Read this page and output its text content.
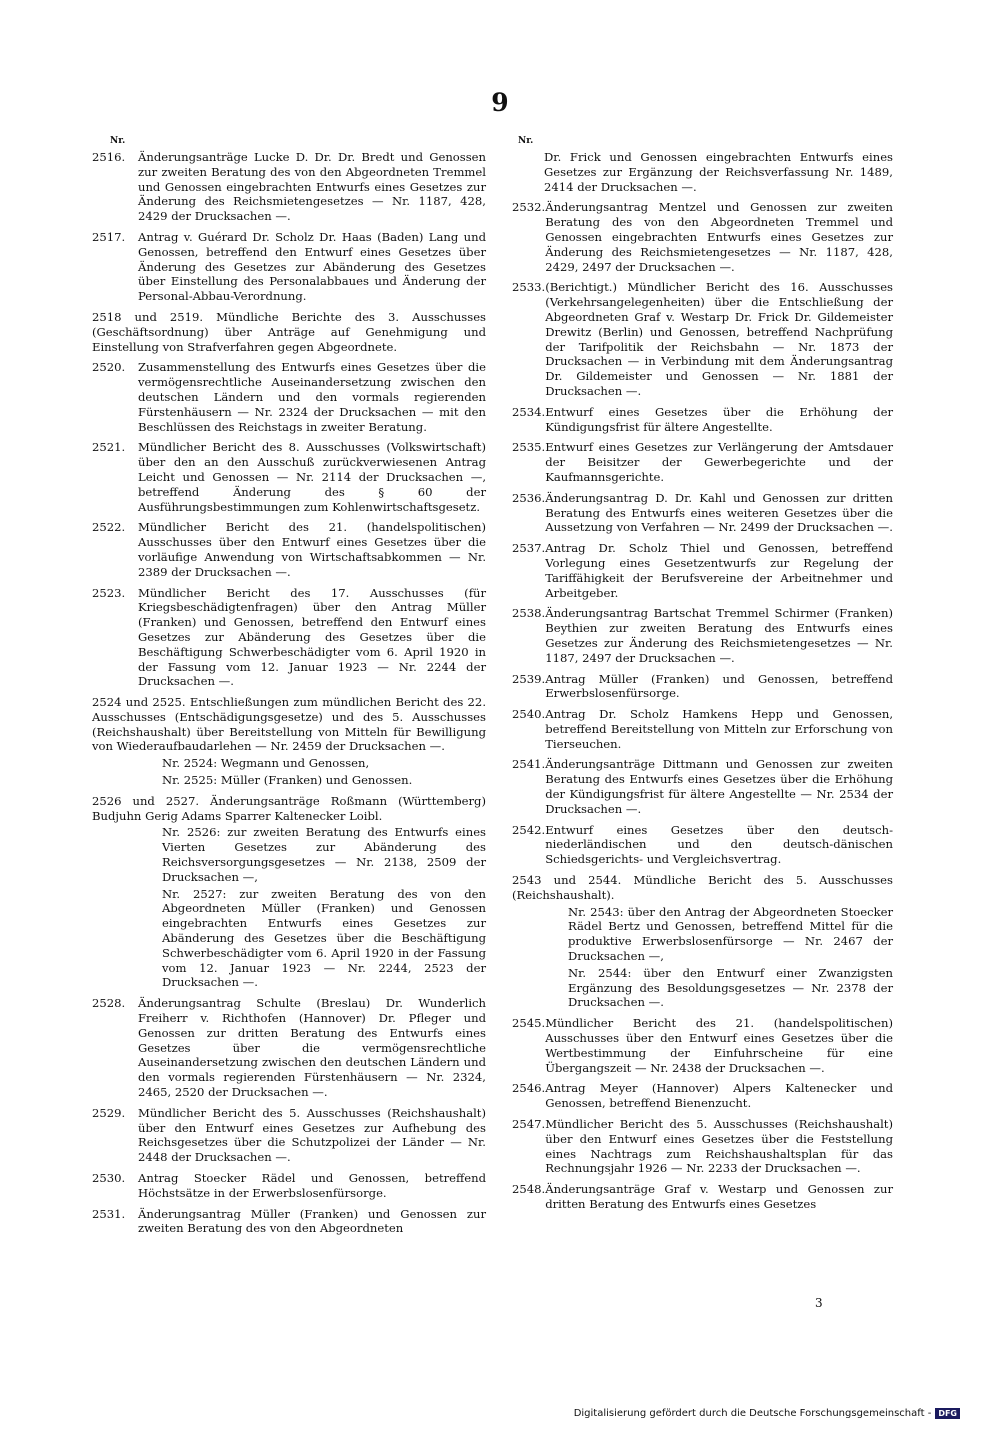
9
Nr.	Nr.
2516.	Änderungsanträge Lucke D. Dr. Dr. Bredt und Genossen zur zweiten Beratung des von den Abgeordneten Tremmel und Genossen eingebrachten Entwurfs eines Gesetzes zur Änderung des Reichsmietengesetzes — Nr. 1187, 428, 2429 der Drucksachen —.
2517.	Antrag v. Guérard Dr. Scholz Dr. Haas (Baden) Lang und Genossen, betreffend den Entwurf eines Gesetzes über Änderung des Gesetzes zur Abänderung des Gesetzes über Einstellung des Personalabbaues und Änderung der Personal-Abbau-Verordnung.
2518 und 2519. Mündliche Berichte des 3. Ausschusses (Geschäftsordnung) über Anträge auf Genehmigung und Einstellung von Strafverfahren gegen Abgeordnete.
2520.	Zusammenstellung des Entwurfs eines Gesetzes über die vermögensrechtliche Auseinandersetzung zwischen den deutschen Ländern und den vormals regierenden Fürstenhäusern — Nr. 2324 der Drucksachen — mit den Beschlüssen des Reichstags in zweiter Beratung.
2521.	Mündlicher Bericht des 8. Ausschusses (Volkswirtschaft) über den an den Ausschuß zurückverwiesenen Antrag Leicht und Genossen — Nr. 2114 der Drucksachen —, betreffend Änderung des § 60 der Ausführungsbestimmungen zum Kohlenwirtschaftsgesetz.
2522.	Mündlicher Bericht des 21. (handelspolitischen) Ausschusses über den Entwurf eines Gesetzes über die vorläufige Anwendung von Wirtschaftsabkommen — Nr. 2389 der Drucksachen —.
2523.	Mündlicher Bericht des 17. Ausschusses (für Kriegsbeschädigtenfragen) über den Antrag Müller (Franken) und Genossen, betreffend den Entwurf eines Gesetzes zur Abänderung des Gesetzes über die Beschäftigung Schwerbeschädigter vom 6. April 1920 in der Fassung vom 12. Januar 1923 — Nr. 2244 der Drucksachen —.
2524 und 2525. Entschließungen zum mündlichen Bericht des 22. Ausschusses (Entschädigungsgesetze) und des 5. Ausschusses (Reichshaushalt) über Bereitstellung von Mitteln für Bewilligung von Wiederaufbaudarlehen — Nr. 2459 der Drucksachen —.
Nr. 2524: Wegmann und Genossen,
Nr. 2525: Müller (Franken) und Genossen.
2526 und 2527. Änderungsanträge Roßmann (Württemberg) Budjuhn Gerig Adams Sparrer Kaltenecker Loibl.
Nr. 2526: zur zweiten Beratung des Entwurfs eines Vierten Gesetzes zur Abänderung des Reichsversorgungsgesetzes — Nr. 2138, 2509 der Drucksachen —,
Nr. 2527: zur zweiten Beratung des von den Abgeordneten Müller (Franken) und Genossen eingebrachten Entwurfs eines Gesetzes zur Abänderung des Gesetzes über die Beschäftigung Schwerbeschädigter vom 6. April 1920 in der Fassung vom 12. Januar 1923 — Nr. 2244, 2523 der Drucksachen —.
2528.	Änderungsantrag Schulte (Breslau) Dr. Wunderlich Freiherr v. Richthofen (Hannover) Dr. Pfleger und Genossen zur dritten Beratung des Entwurfs eines Gesetzes über die vermögensrechtliche Auseinandersetzung zwischen den deutschen Ländern und den vormals regierenden Fürstenhäusern — Nr. 2324, 2465, 2520 der Drucksachen —.
2529.	Mündlicher Bericht des 5. Ausschusses (Reichshaushalt) über den Entwurf eines Gesetzes zur Aufhebung des Reichsgesetzes über die Schutzpolizei der Länder — Nr. 2448 der Drucksachen —.
2530.	Antrag Stoecker Rädel und Genossen, betreffend Höchstsätze in der Erwerbslosenfürsorge.
2531.	Änderungsantrag Müller (Franken) und Genossen zur zweiten Beratung des von den Abgeordneten
Dr. Frick und Genossen eingebrachten Entwurfs eines Gesetzes zur Ergänzung der Reichsverfassung Nr. 1489, 2414 der Drucksachen —.
2532. Änderungsantrag Mentzel und Genossen zur zweiten Beratung des von den Abgeordneten Tremmel und Genossen eingebrachten Entwurfs eines Gesetzes zur Änderung des Reichsmietengesetzes — Nr. 1187, 428, 2429, 2497 der Drucksachen —.
2533. (Berichtigt.) Mündlicher Bericht des 16. Ausschusses (Verkehrsangelegenheiten) über die Entschließung der Abgeordneten Graf v. Westarp Dr. Frick Dr. Gildemeister Drewitz (Berlin) und Genossen, betreffend Nachprüfung der Tarifpolitik der Reichsbahn — Nr. 1873 der Drucksachen — in Verbindung mit dem Änderungsantrag Dr. Gildemeister und Genossen — Nr. 1881 der Drucksachen —.
2534. Entwurf eines Gesetzes über die Erhöhung der Kündigungsfrist für ältere Angestellte.
2535. Entwurf eines Gesetzes zur Verlängerung der Amtsdauer der Beisitzer der Gewerbegerichte und der Kaufmannsgerichte.
2536. Änderungsantrag D. Dr. Kahl und Genossen zur dritten Beratung des Entwurfs eines weiteren Gesetzes über die Aussetzung von Verfahren — Nr. 2499 der Drucksachen —.
2537. Antrag Dr. Scholz Thiel und Genossen, betreffend Vorlegung eines Gesetzentwurfs zur Regelung der Tariffähigkeit der Berufsvereine der Arbeitnehmer und Arbeitgeber.
2538. Änderungsantrag Bartschat Tremmel Schirmer (Franken) Beythien zur zweiten Beratung des Entwurfs eines Gesetzes zur Änderung des Reichsmietengesetzes — Nr. 1187, 2497 der Drucksachen —.
2539. Antrag Müller (Franken) und Genossen, betreffend Erwerbslosenfürsorge.
2540. Antrag Dr. Scholz Hamkens Hepp und Genossen, betreffend Bereitstellung von Mitteln zur Erforschung von Tierseuchen.
2541. Änderungsanträge Dittmann und Genossen zur zweiten Beratung des Entwurfs eines Gesetzes über die Erhöhung der Kündigungsfrist für ältere Angestellte — Nr. 2534 der Drucksachen —.
2542. Entwurf eines Gesetzes über den deutsch-niederländischen und den deutsch-dänischen Schiedsgerichts- und Vergleichsvertrag.
2543 und 2544. Mündliche Bericht des 5. Ausschusses (Reichshaushalt).
Nr. 2543: über den Antrag der Abgeordneten Stoecker Rädel Bertz und Genossen, betreffend Mittel für die produktive Erwerbslosenfürsorge — Nr. 2467 der Drucksachen —,
Nr. 2544: über den Entwurf einer Zwanzigsten Ergänzung des Besoldungsgesetzes — Nr. 2378 der Drucksachen —.
2545. Mündlicher Bericht des 21. (handelspolitischen) Ausschusses über den Entwurf eines Gesetzes über die Wertbestimmung der Einfuhrscheine für eine Übergangszeit — Nr. 2438 der Drucksachen —.
2546. Antrag Meyer (Hannover) Alpers Kaltenecker und Genossen, betreffend Bienenzucht.
2547. Mündlicher Bericht des 5. Ausschusses (Reichshaushalt) über den Entwurf eines Gesetzes über die Feststellung eines Nachtrags zum Reichshaushaltsplan für das Rechnungsjahr 1926 — Nr. 2233 der Drucksachen —.
2548. Änderungsanträge Graf v. Westarp und Genossen zur dritten Beratung des Entwurfs eines Gesetzes
3
Digitalisierung gefördert durch die Deutsche Forschungsgemeinschaft - DFG
